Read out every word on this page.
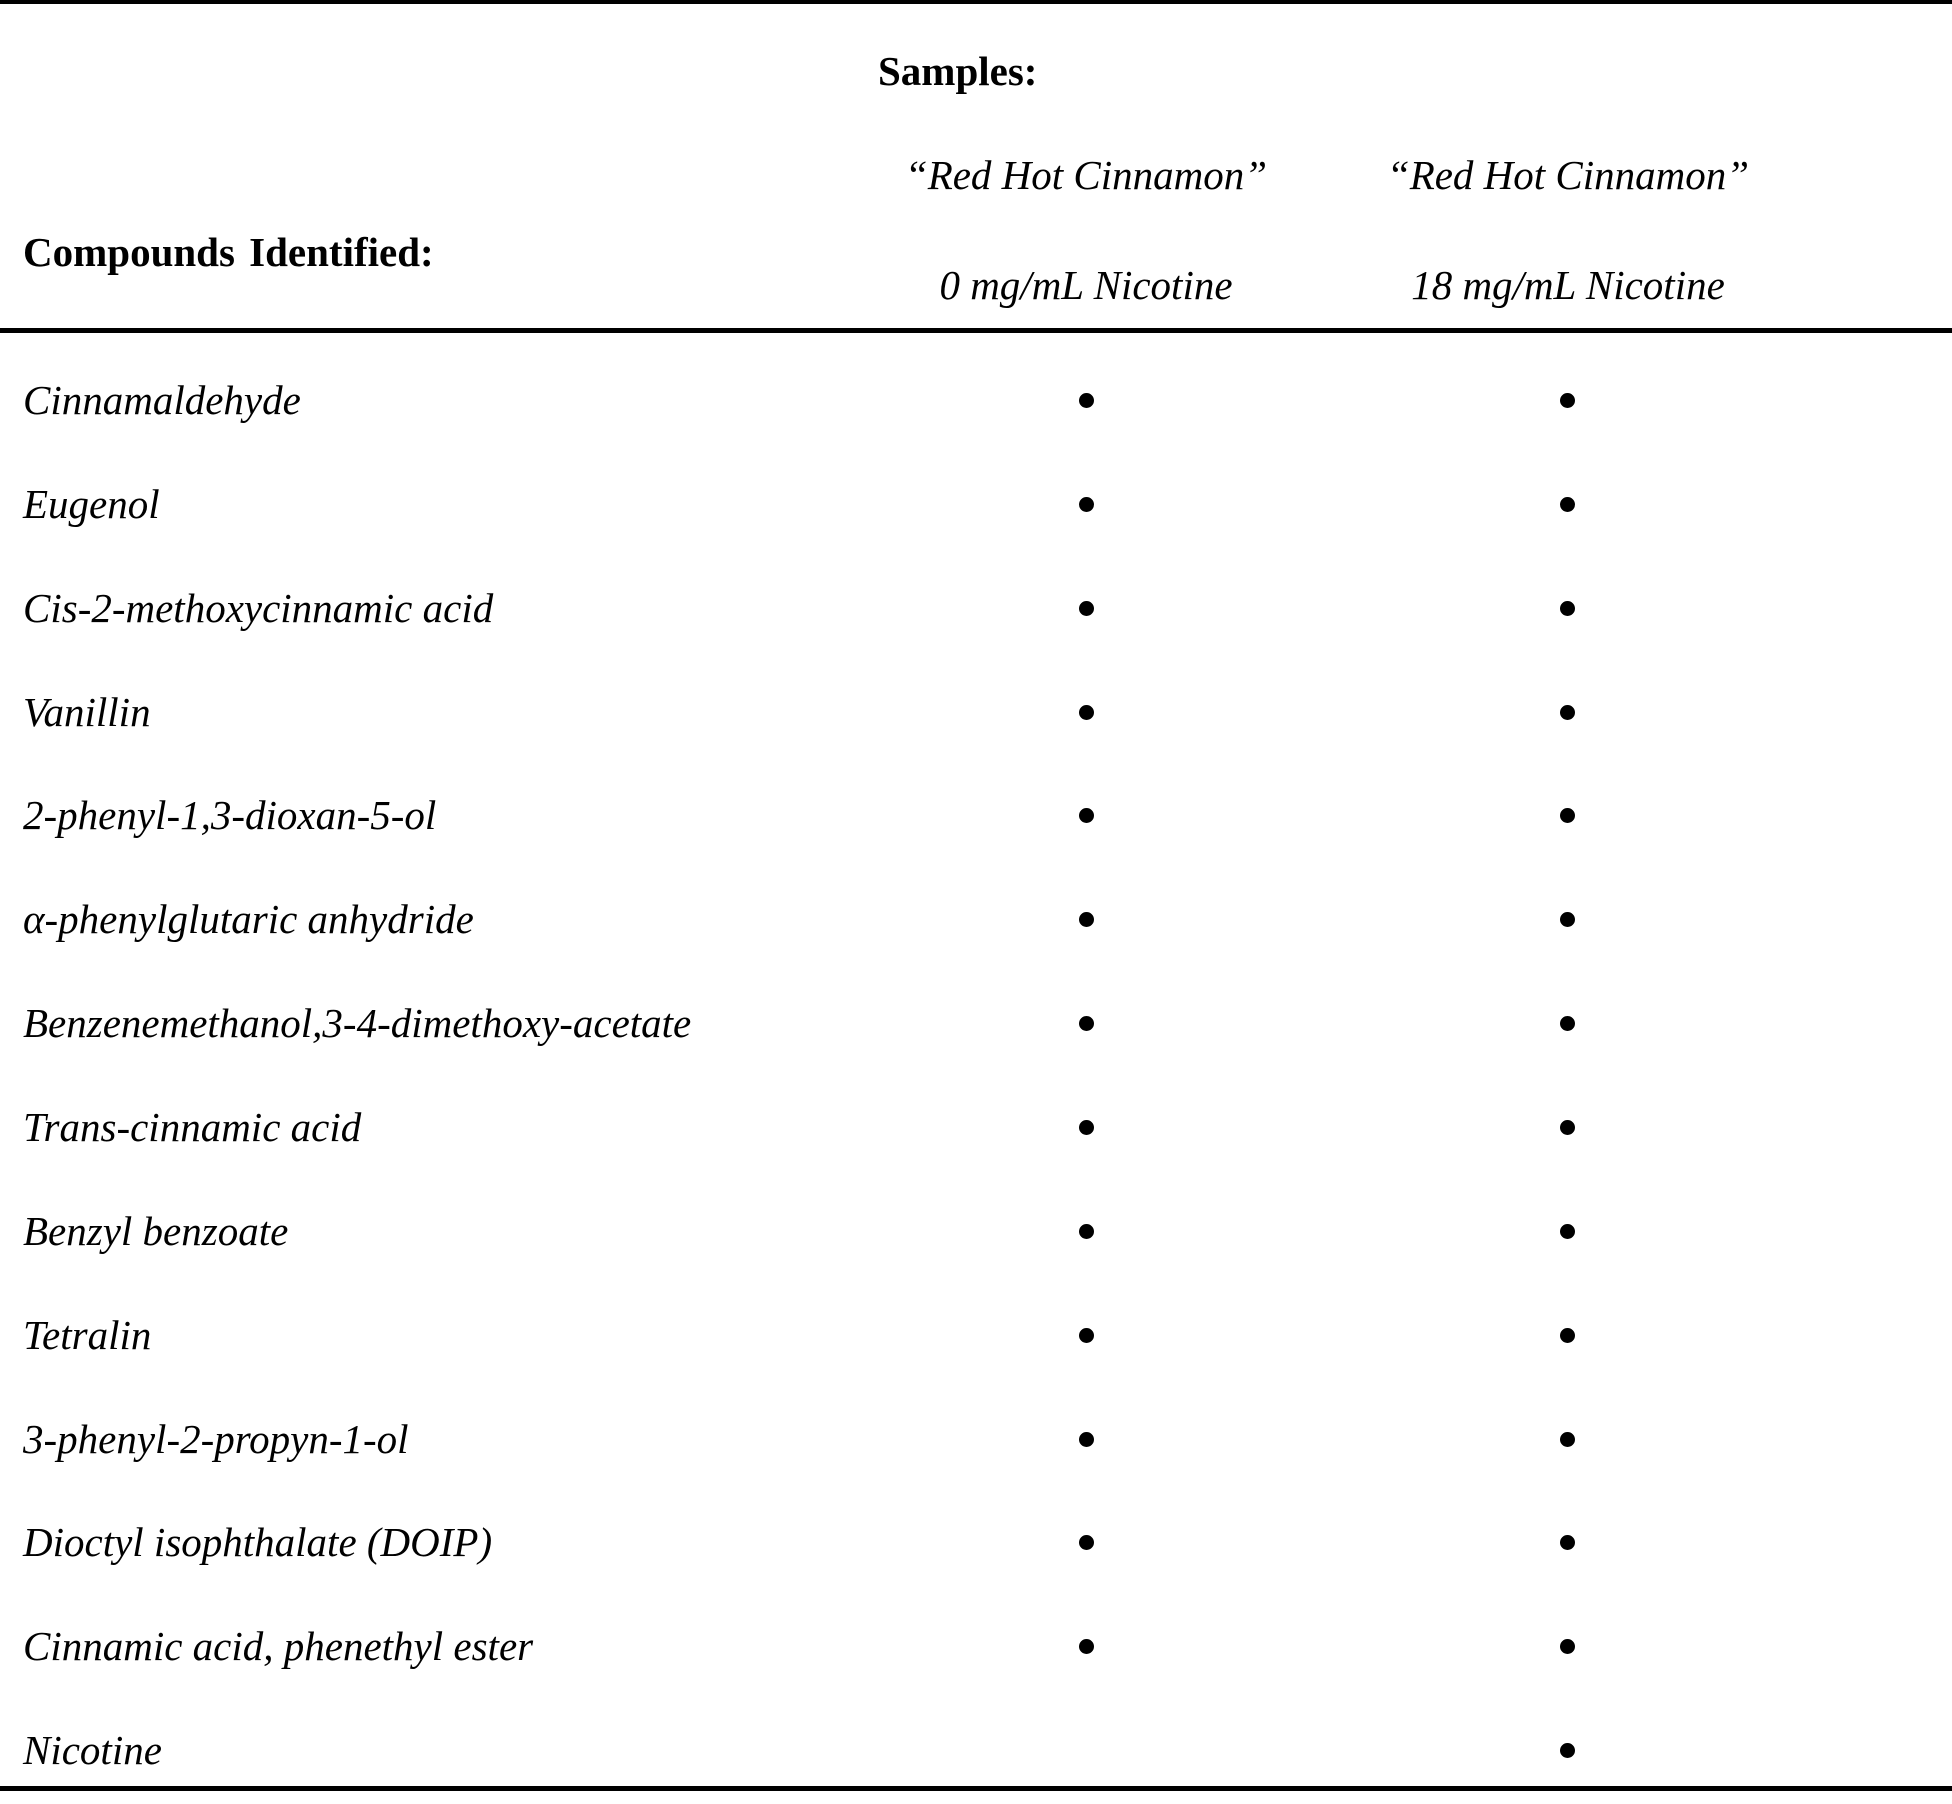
Samples:
“Red Hot Cinnamon”	“Red Hot Cinnamon”
Compounds Identified:
0 mg/mL Nicotine	18 mg/mL Nicotine
Cinnamaldehyde
Eugenol
Cis-2-methoxycinnamic acid
Vanillin
2-phenyl-1,3-dioxan-5-ol
α-phenylglutaric anhydride
Benzenemethanol,3-4-dimethoxy-acetate
Trans-cinnamic acid
Benzyl benzoate
Tetralin
3-phenyl-2-propyn-1-ol
Dioctyl isophthalate (DOIP)
Cinnamic acid, phenethyl ester
Nicotine
